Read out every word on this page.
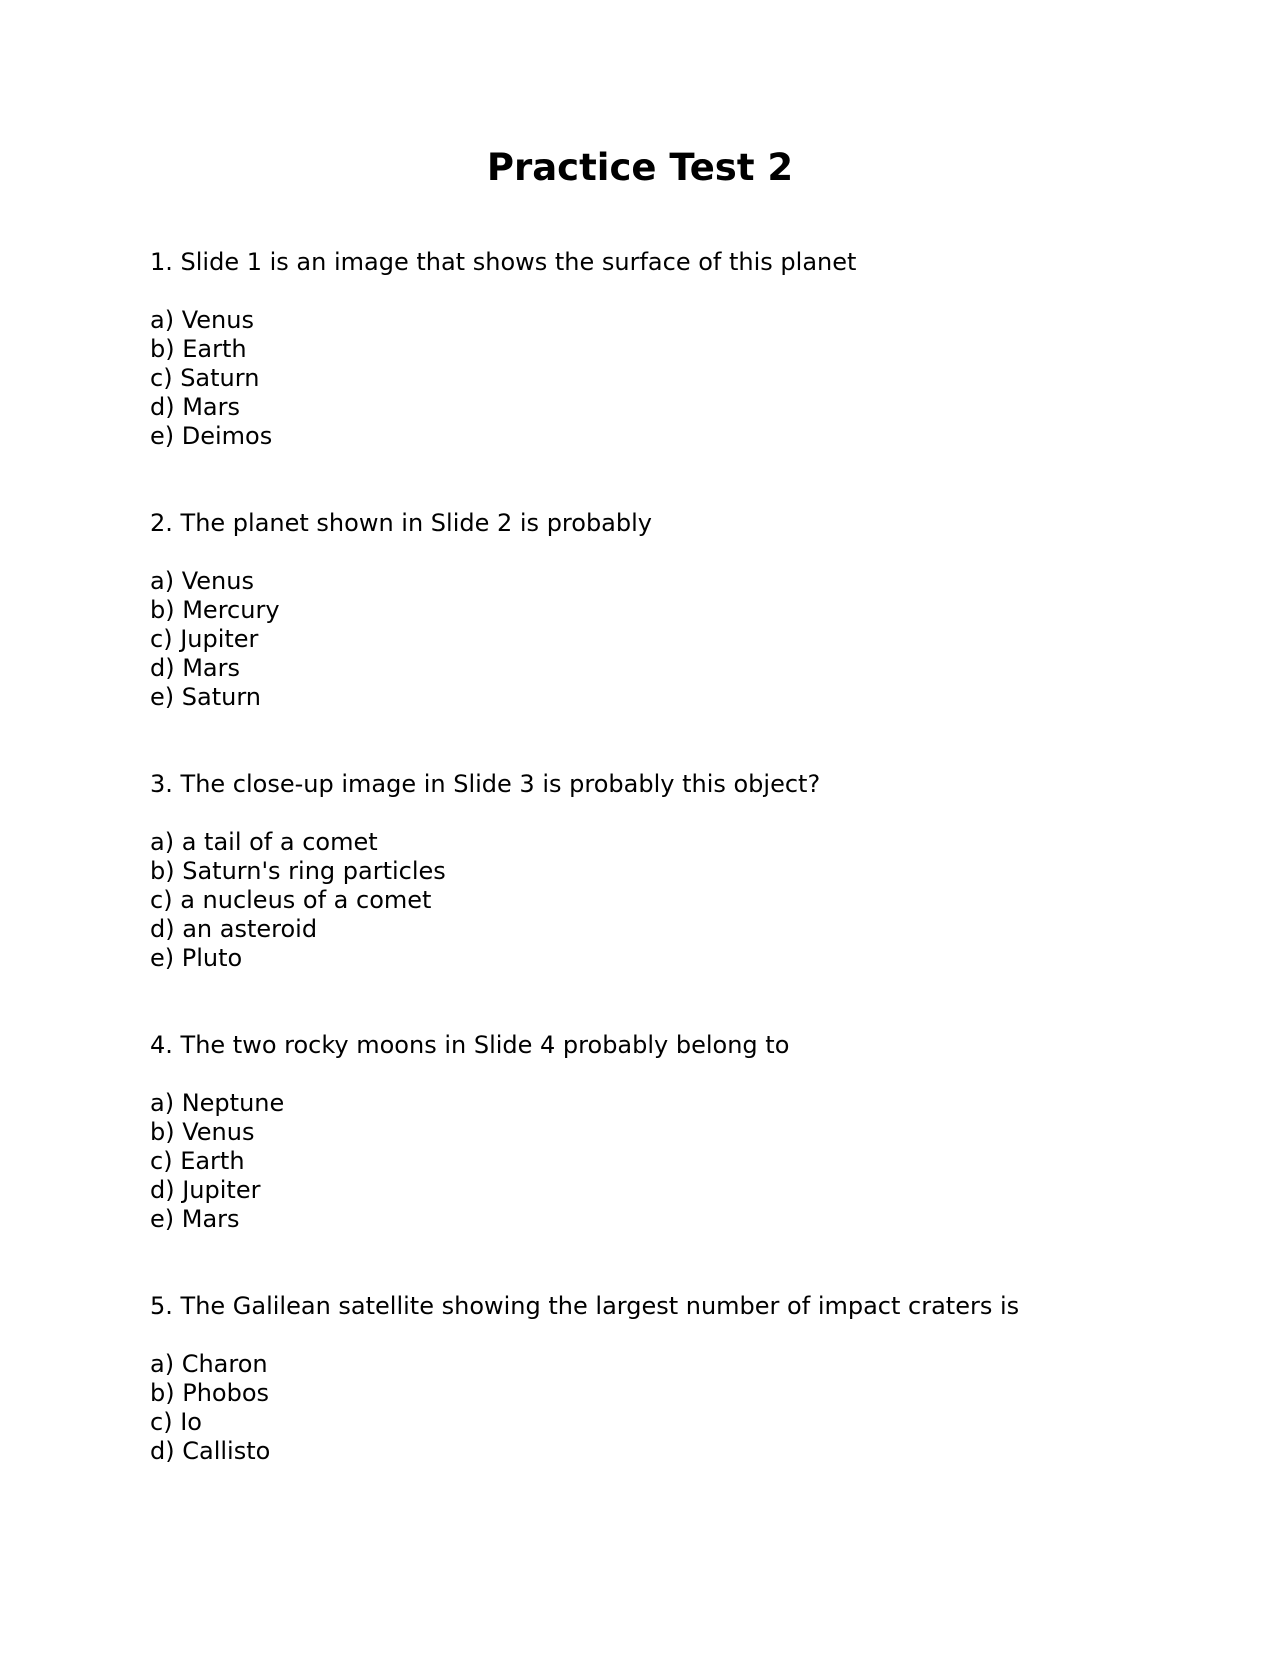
Practice Test 2

1. Slide 1 is an image that shows the surface of this planet

a) Venus
b) Earth
c) Saturn
d) Mars
e) Deimos

2. The planet shown in Slide 2 is probably

a) Venus
b) Mercury
c) Jupiter
d) Mars
e) Saturn

3. The close-up image in Slide 3 is probably this object?

a) a tail of a comet
b) Saturn's ring particles
c) a nucleus of a comet
d) an asteroid
e) Pluto

4. The two rocky moons in Slide 4 probably belong to

a) Neptune
b) Venus
c) Earth
d) Jupiter
e) Mars

5. The Galilean satellite showing the largest number of impact craters is

a) Charon
b) Phobos
c) Io
d) Callisto
